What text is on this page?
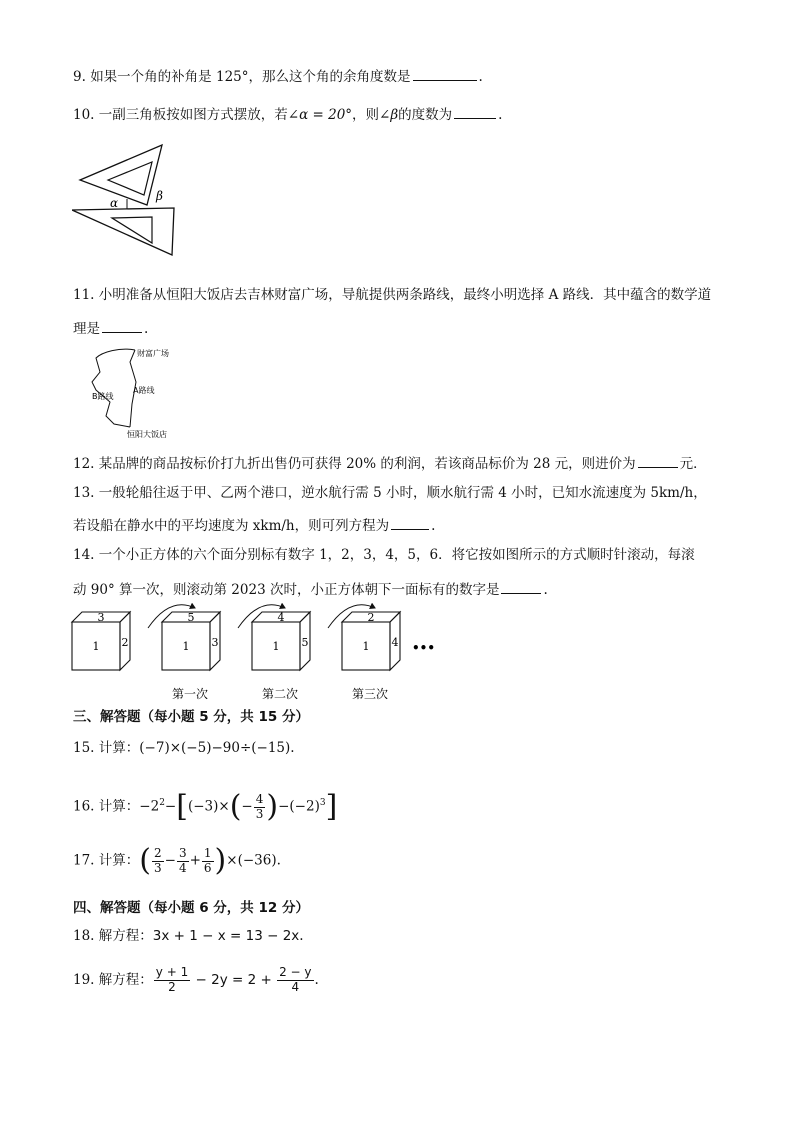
9. 如果一个角的补角是 125°，那么这个角的余角度数是	.
10. 一副三角板按如图方式摆放，若∠α = 20°，则∠β的度数为	.
α	β
11. 小明准备从恒阳大饭店去吉林财富广场，导航提供两条路线，最终小明选择 A 路线．其中蕴含的数学道
理是	.
财富广场
A路线
B路线
恒阳大饭店
12. 某品牌的商品按标价打九折出售仍可获得 20% 的利润，若该商品标价为 28 元，则进价为	元．
13. 一般轮船往返于甲、乙两个港口，逆水航行需 5 小时，顺水航行需 4 小时，已知水流速度为 5km/h，
若设船在静水中的平均速度为 xkm/h，则可列方程为	.
14. 一个小正方体的六个面分别标有数字 1，2，3，4，5，6．将它按如图所示的方式顺时针滚动，每滚
动 90° 算一次，则滚动第 2023 次时，小正方体朝下一面标有的数字是	.
3
1 2
5
1 3
第一次
4
1 5
第二次
2
1 4
第三次
•••
三、解答题（每小题 5 分，共 15 分）
15. 计算：(−7)×(−5)−90÷(−15).
16. 计算：$-2^2-[(-3)\times(- \frac{4}{3} )-(-2)^3]$
17. 计算：( $\frac{2}{3} - \frac{3}{4} + \frac{1}{6} )\times(-36)$.
四、解答题（每小题 6 分，共 12 分）
18. 解方程：3x + 1 − x = 13 − 2x.
19. 解方程： $\frac{y + 1}{2} - 2y = 2 + \frac{2 - y}{4}$ .
